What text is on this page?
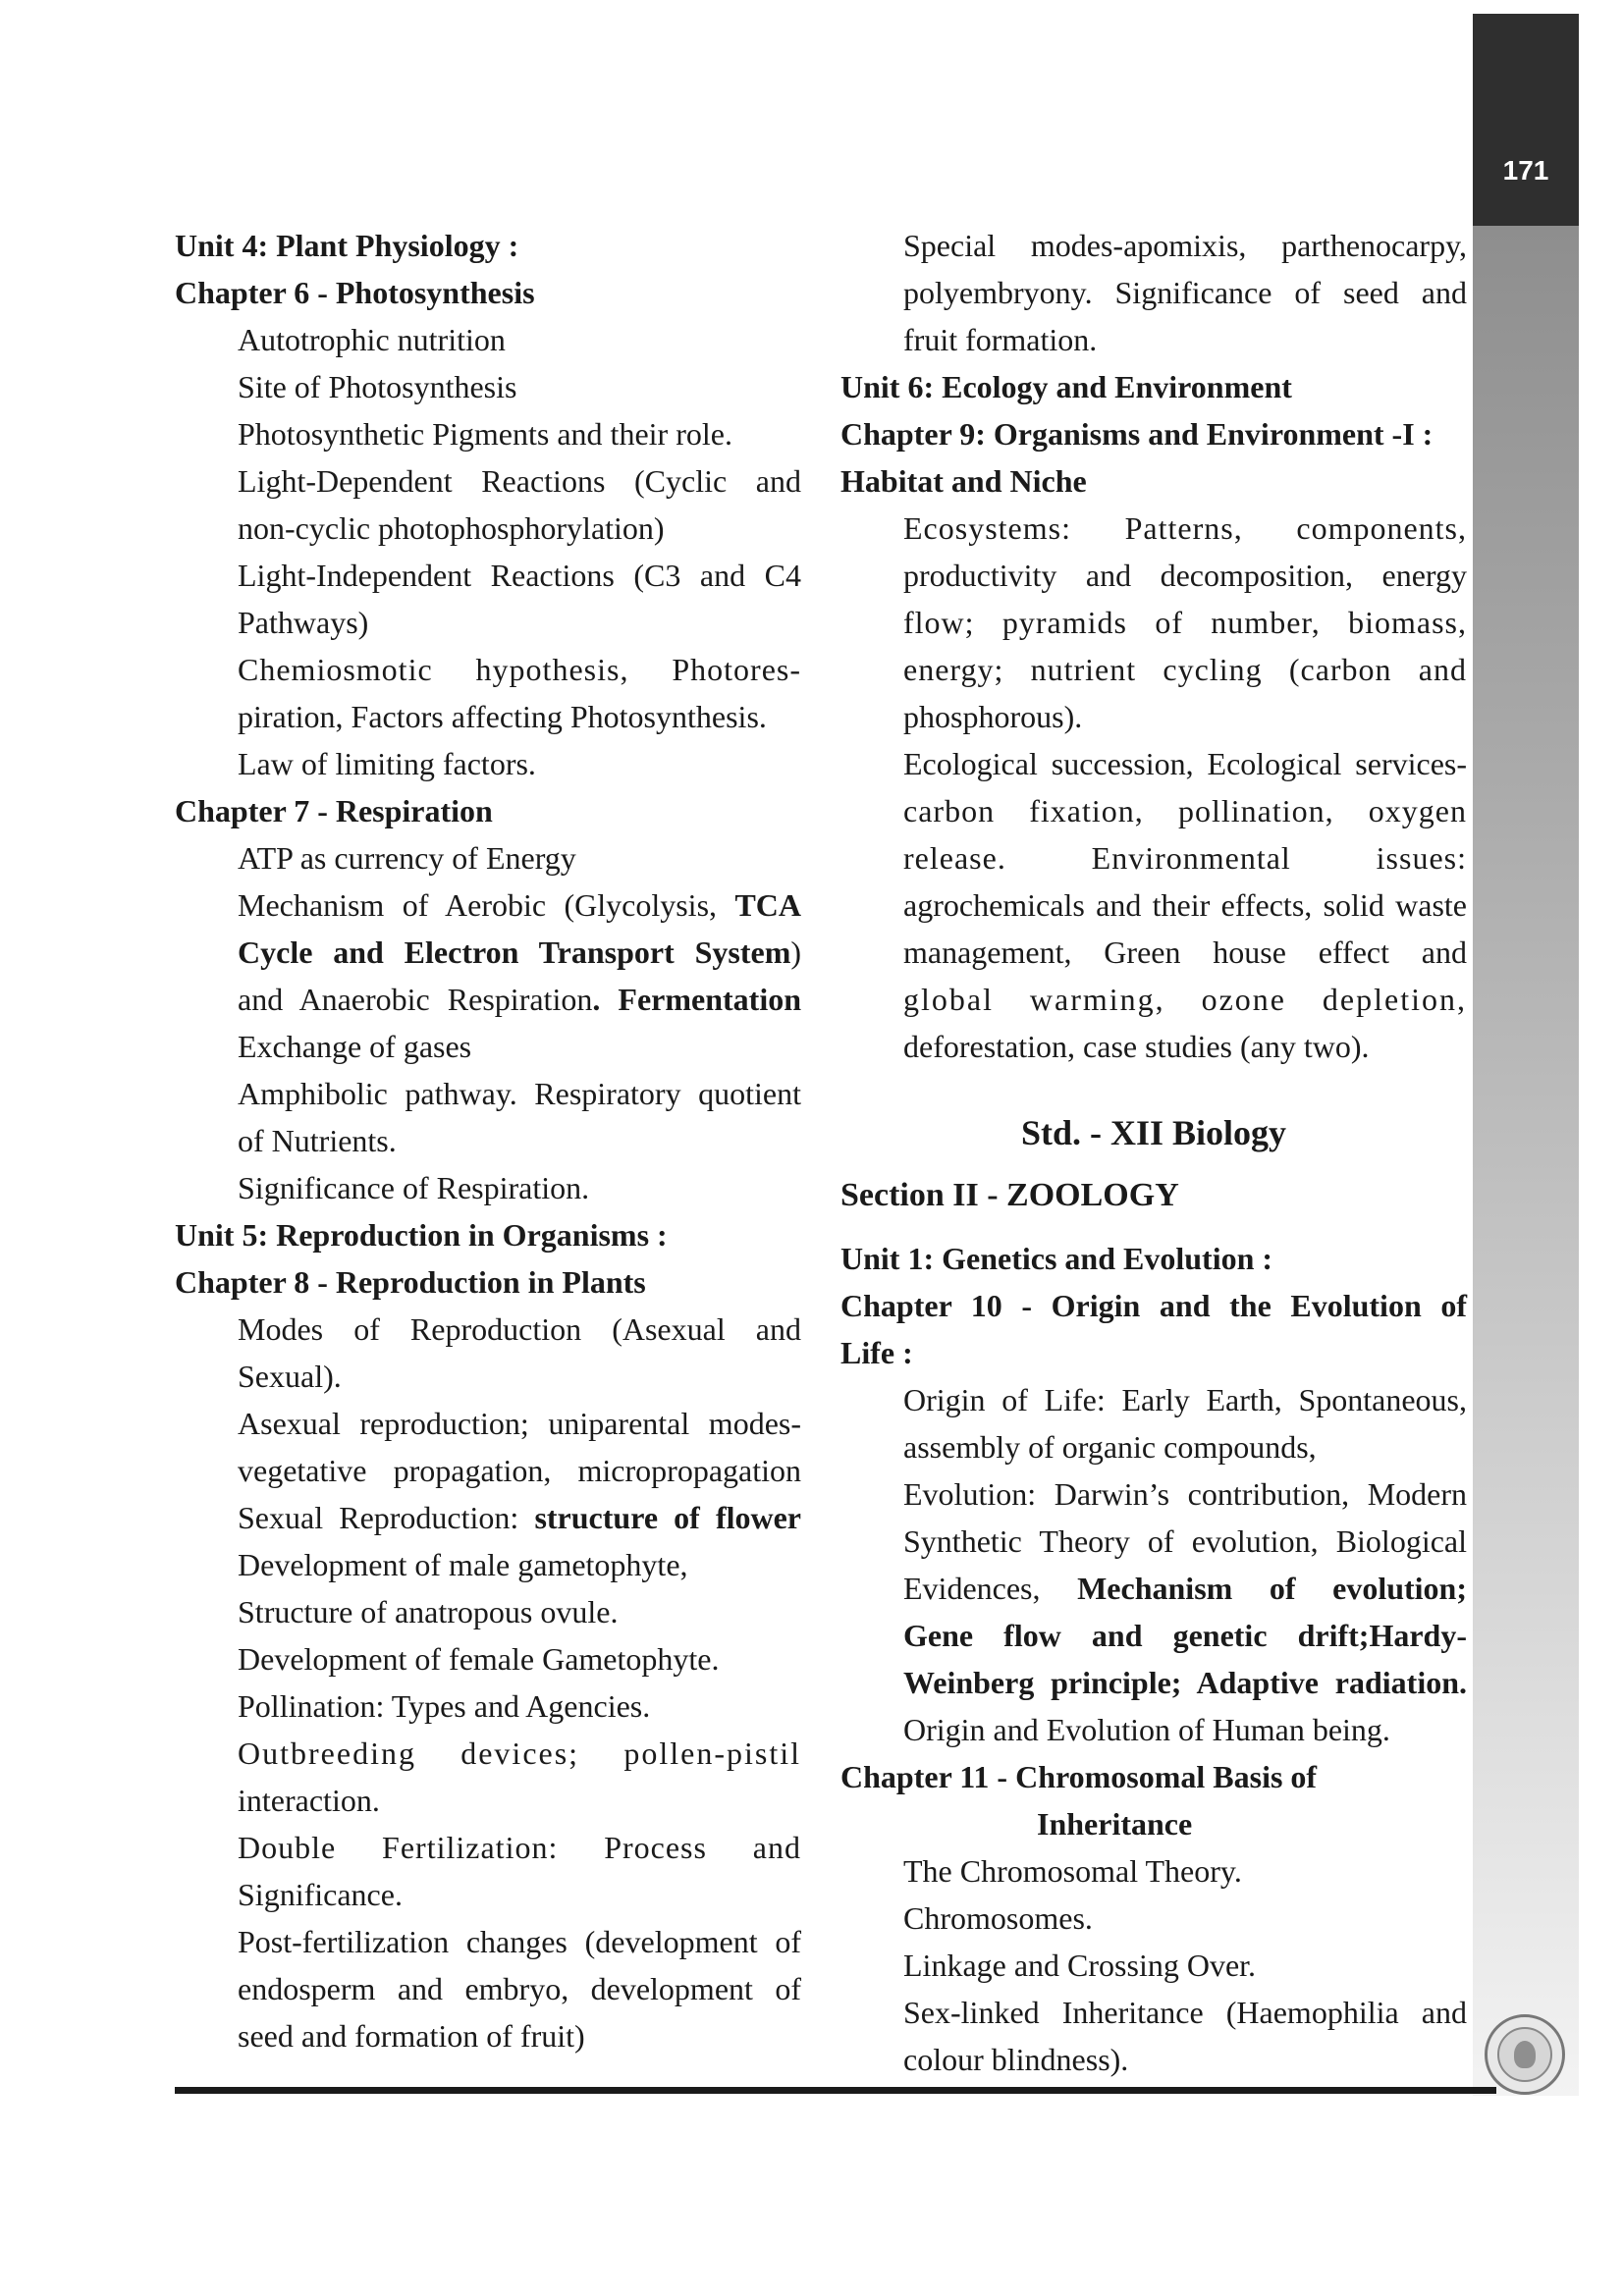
171

Unit 4: Plant Physiology :

Chapter 6 - Photosynthesis

Autotrophic nutrition

Site of Photosynthesis

Photosynthetic Pigments and their role.

Light-Dependent Reactions (Cyclic and

non-cyclic photophosphorylation)

Light-Independent Reactions (C3 and C4

Pathways)

Chemiosmotic hypothesis, Photores-

piration, Factors affecting Photosynthesis.

Law of limiting factors.

Chapter 7 - Respiration

ATP as currency of Energy

Mechanism of Aerobic (Glycolysis, TCA

Cycle and Electron Transport System)

and Anaerobic Respiration. Fermentation

Exchange of gases

Amphibolic pathway. Respiratory quotient

of Nutrients.

Significance of Respiration.

Unit 5: Reproduction in Organisms :

Chapter 8 - Reproduction in Plants

Modes of Reproduction (Asexual and

Sexual).

Asexual reproduction; uniparental modes-

vegetative propagation, micropropagation

Sexual Reproduction: structure of flower

Development of male gametophyte,

Structure of anatropous ovule.

Development of female Gametophyte.

Pollination: Types and Agencies.

Outbreeding devices; pollen-pistil

interaction.

Double Fertilization: Process and

Significance.

Post-fertilization changes (development of

endosperm and embryo, development of

seed and formation of fruit)

Special modes-apomixis, parthenocarpy,

polyembryony. Significance of seed and

fruit formation.

Unit 6: Ecology and Environment

Chapter 9: Organisms and Environment -I :

Habitat and Niche

Ecosystems: Patterns, components,

productivity and decomposition, energy

flow; pyramids of number, biomass,

energy; nutrient cycling (carbon and

phosphorous).

Ecological succession, Ecological services-

carbon fixation, pollination, oxygen

release. Environmental issues:

agrochemicals and their effects, solid waste

management, Green house effect and

global warming, ozone depletion,

deforestation, case studies (any two).

Std. - XII Biology

Section II - ZOOLOGY

Unit 1: Genetics and Evolution :

Chapter 10 - Origin and the Evolution of

Life :

Origin of Life: Early Earth, Spontaneous,

assembly of organic compounds,

Evolution: Darwin’s contribution, Modern

Synthetic Theory of evolution, Biological

Evidences, Mechanism of evolution;

Gene flow and genetic drift;Hardy-

Weinberg principle; Adaptive radiation.

Origin and Evolution of Human being.

Chapter 11 - Chromosomal Basis of

Inheritance

The Chromosomal Theory.

Chromosomes.

Linkage and Crossing Over.

Sex-linked Inheritance (Haemophilia and

colour blindness).
